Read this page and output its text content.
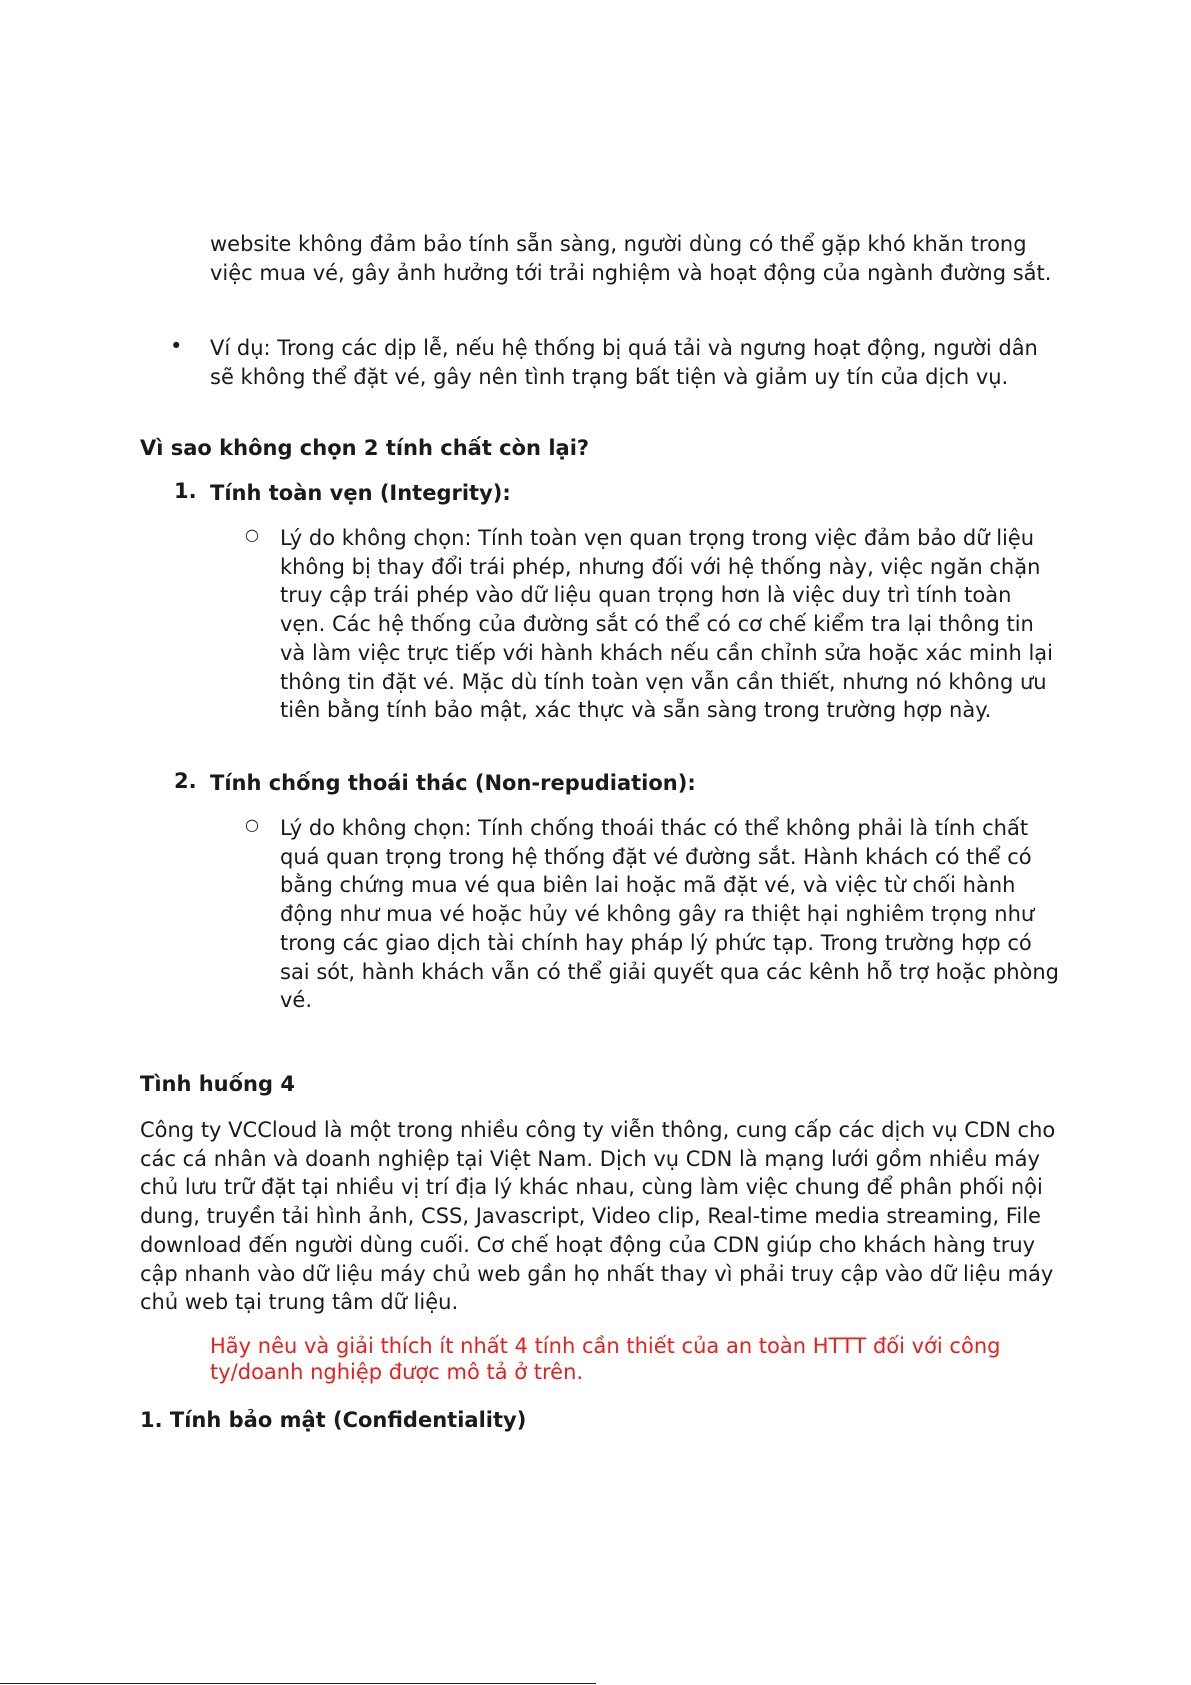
website không đảm bảo tính sẵn sàng, người dùng có thể gặp khó khăn trong việc mua vé, gây ảnh hưởng tới trải nghiệm và hoạt động của ngành đường sắt.

• Ví dụ: Trong các dịp lễ, nếu hệ thống bị quá tải và ngưng hoạt động, người dân sẽ không thể đặt vé, gây nên tình trạng bất tiện và giảm uy tín của dịch vụ.

Vì sao không chọn 2 tính chất còn lại?
1. Tính toàn vẹn (Integrity):
○ Lý do không chọn: Tính toàn vẹn quan trọng trong việc đảm bảo dữ liệu không bị thay đổi trái phép, nhưng đối với hệ thống này, việc ngăn chặn truy cập trái phép vào dữ liệu quan trọng hơn là việc duy trì tính toàn vẹn. Các hệ thống của đường sắt có thể có cơ chế kiểm tra lại thông tin và làm việc trực tiếp với hành khách nếu cần chỉnh sửa hoặc xác minh lại thông tin đặt vé. Mặc dù tính toàn vẹn vẫn cần thiết, nhưng nó không ưu tiên bằng tính bảo mật, xác thực và sẵn sàng trong trường hợp này.

2. Tính chống thoái thác (Non-repudiation):
○ Lý do không chọn: Tính chống thoái thác có thể không phải là tính chất quá quan trọng trong hệ thống đặt vé đường sắt. Hành khách có thể có bằng chứng mua vé qua biên lai hoặc mã đặt vé, và việc từ chối hành động như mua vé hoặc hủy vé không gây ra thiệt hại nghiêm trọng như trong các giao dịch tài chính hay pháp lý phức tạp. Trong trường hợp có sai sót, hành khách vẫn có thể giải quyết qua các kênh hỗ trợ hoặc phòng vé.

Tình huống 4

Công ty VCCloud là một trong nhiều công ty viễn thông, cung cấp các dịch vụ CDN cho các cá nhân và doanh nghiệp tại Việt Nam. Dịch vụ CDN là mạng lưới gồm nhiều máy chủ lưu trữ đặt tại nhiều vị trí địa lý khác nhau, cùng làm việc chung để phân phối nội dung, truyền tải hình ảnh, CSS, Javascript, Video clip, Real-time media streaming, File download đến người dùng cuối. Cơ chế hoạt động của CDN giúp cho khách hàng truy cập nhanh vào dữ liệu máy chủ web gần họ nhất thay vì phải truy cập vào dữ liệu máy chủ web tại trung tâm dữ liệu.

Hãy nêu và giải thích ít nhất 4 tính cần thiết của an toàn HTTT đối với công ty/doanh nghiệp được mô tả ở trên.
1. Tính bảo mật (Confidentiality)
